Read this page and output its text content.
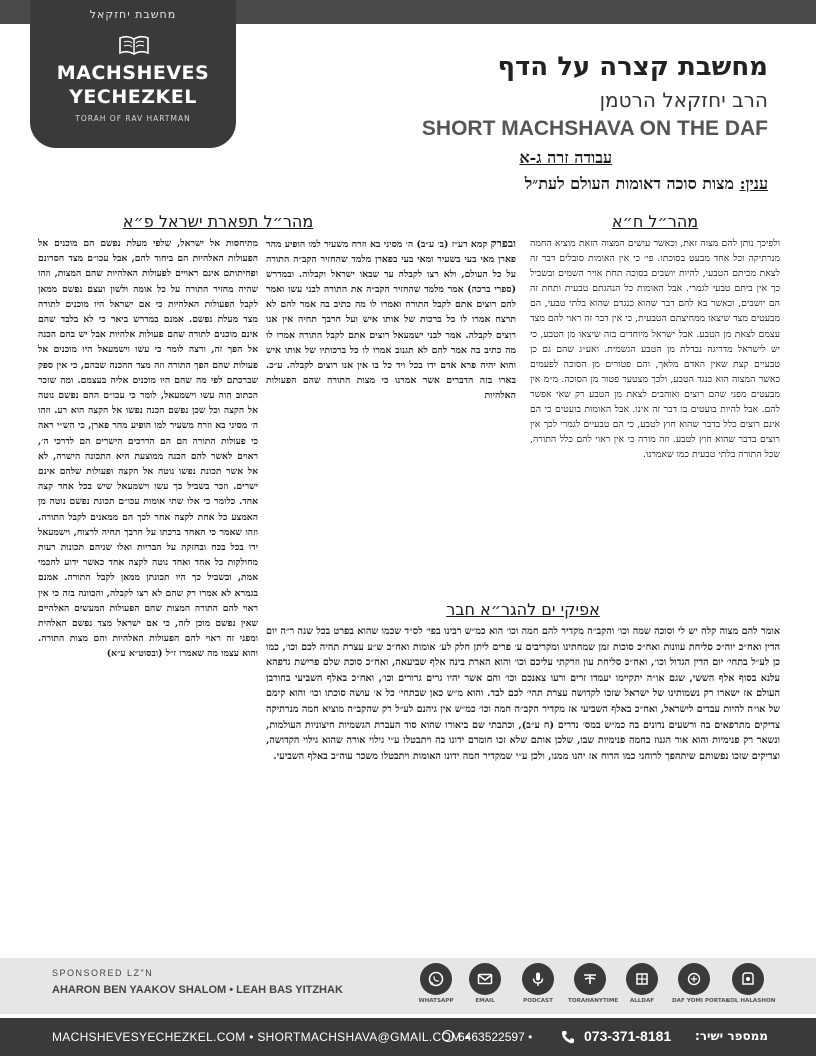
מחשבת יחזקאל
MACHSHEVES
YECHEZKEL
TORAH OF RAV HARTMAN
מחשבת קצרה על הדף
הרב יחזקאל הרטמן
SHORT MACHSHAVA ON THE DAF
עבודה זרה ג-א
ענין: מצות סוכה דאומות העולם לעת״ל
מהר״ל ח״א
מהר״ל תפארת ישראל פ״א
אפיקי ים להגר״א חבר
ולפיכך נותן להם מצוה זאת, וכאשר עושים המצוה הזאת מוציא החמה מנרתיקה וכל אחד מבעט בסוכתו. פי׳ כי אין האומות סובלים דבר זה לצאת מכיתם הטבעי, להיות יושבים בסוכה תחת אויר השמים ובשביל כך אין ביתם טבעי לגמרי. אבל האומות כל הנהגתם טבעית ותחת זה הם יושבים, וכאשר בא להם דבר שהוא כנגדם שהוא בלתי טבעי, הם מבעטים מצד שיצאו ממחיצתם הטבעית, כי אין דבר זה ראוי להם מצד עצמם לצאת מן הטבע. אבל ישראל מיוחדים בזה שיצאו מן הטבע, כי יש לישראל מדריגה נבדלת מן הטבע הגשמית. ואע״ג שהם גם כן טבעיים קצת שאין האדם מלאך, והם פטורים מן הסוכה לפעמים כאשר המצוה הוא כנגד הטבע, ולכך מצטער פטור מן הסוכה. מ״מ אין מבעטים מפני שהם רוצים ואוהבים לצאת מן הטבע רק שאי אפשר להם. אבל להיות בועטים בו דבר זה אינו. אבל האומות בועטים כי הם אינם רוצים כלל בדבר שהוא חוץ לטבע, כי הם טבעיים לגמרי לכך אין רוצים בדבר שהוא חוץ לטבע. וזה מורה כי אין ראוי להם כלל התורה, שכל התורה בלתי טבעית כמו שאמרנו.
ובפרק קמא דע״ז (ב׳ ע״ב) ה׳ מסיני בא וזרח משעיר למו הופיע מהר פארן מאי בעי בשעיר ומאי בעי בפארן מלמד שהחזיר הקב״ה התורה על כל העולם, ולא רצו לקבלה עד שבאו ישראל וקבלוה. ובמדרש (ספרי ברכה) אמר מלמד שהחזיר הקב״ה את התורה לבני עשו ואמר להם רוצים אתם לקבל התורה ואמרו לו מה כתיב בה אמר להם לא תרצח אמרו לו כל ברכות של אותו איש ועל חרבך תחיה אין אנו רוצים לקבלה. אמר לבני ישמעאל רוצים אתם לקבל התורה אמרו לו מה כתיב בה אמר להם לא תגנוב אמרו לו כל ברכותיו של אותו איש והוא יהיה פרא אדם ידו בכל ויד כל בו אין אנו רוצים לקבלה. ע״כ. בארו בזה הדברים אשר אמרנו כי מצות התורה שהם הפעולות האלהיות
מתיחסות אל ישראל, שלפי מעלת נפשם הם מוכנים אל הפעולות האלהיות הם ביחוד להם, אבל עכו״ם מצד חסרונם ופחיתותם אינם ראויים לפעולות האלהיות שהם המצות, וזהו שהיה מחזיר התורה על כל אומה ולשון ועצם נפשם ממאן לקבל הפעולות האלהיות כי אם ישראל היו מוכנים לתורה מצד מעלת נפשם. אמנם במדרש ביאר כי לא בלבד שהם אינם מוכנים לתורה שהם פעולות אלהיות אבל יש בהם הכנה אל הפך זה, ורצה לומר כי עשו וישמעאל היו מוכנים אל פעולות שהם הפך התורה וזה מצד ההכנה שבהם, כי אין ספק שברכתם לפי מה שהם היו מוכנים אליה בעצמם. ומה שזכר הכתוב הוה עשו וישמעאל, לומר כי עכו״ם ההם נפשם נוטה אל הקצה וכל שכן נפשם הכנה נפשו אל הקצה הוא רע. וזהו ה׳ מסיני בא וזרח משעיר למו הופיע מהר פארן, כי הש״י ראה כי פעולות התורה הם הם הדרכים הישרים הם לדרכי ה׳, ראוים לאשר להם הכנה ממוצעת היא התכונה הישרה, לא אל אשר תכונת נפשו נוטה אל הקצה ופעולות שלהם אינם ישרים. וזכר בשביל כך עשו וישמעאל שיש בכל אחד קצה אחד. כלומר כי אלו שתי אומות עכו״ם תכונת נפשם נוטה מן האמצע כל אחת לקצה אחר לכך הם ממאנים לקבל התורה. וזהו שאמר כי האחד ברכתו על חרבך תחיה לרצוח, וישמעאל ידו בכל בכח ובחזקה על הבריות ואלו שניהם תכונות רעות מחולקות כל אחד ואחד נוטה לקצה אחד כאשר ידוע לחכמי אמת, ובשביל כך היו תכונתן ממאן לקבל התורה. אמנם בגמרא לא אמרו רק שהם לא רצו לקבלה, והכוונה בזה כי אין ראוי להם התורה המצות שהם הפעולות המעשים האלהיים שאין נפשם מוכן לזה, כי אם ישראל מצד נפשם האלהית ומפני זה ראוי להם הפעולות האלהיות והם מצות התורה. והוא עצמו מה שאמרו ז״ל (ובסוט״א ע״א)
אומר להם מצוה קלה יש לי וסוכה שמה וכו׳ והקב״ה מקדיר להם חמה וכו׳ הוא כמ״ש רבינו בפי׳ לס״ד שכמו שהוא בפרט בכל שנה ר״ה יום הדין ואח״כ יוה״כ סליחת עוונות ואח״כ סוכות זמן שמחתינו ומקריבים ע׳ פרים ליתן חלק לע׳ אומות ואח״כ ש״ע עצרת תהיה לכם וכו׳, כמו כן לע״ל בתחי׳ יום הדין הגדול וכו׳, ואח״כ סליחת עון וזרקתי עליכם וכו׳ והוא הארת בינה אלף שביעאה, ואח״כ סוכת שלם פרישת גדפהא עלנא בסוף אלף הששי, שגם או״ה יתקיימו יעמדו זרים ורעו צאנכם וכו׳ והם אשר יהיו גרים גרורים וכו׳, ואח״כ באלף השביעי בחורבן העולם אז ישארו רק נשמותינו של ישראל שזכו לקדושה עצרת תהי׳ לכם לבד. והוא מ״ש כאן שבתחי׳ כל א׳ עושה סוכתו וכו׳ והוא קימם של או״ה להיות עבדים לישראל, ואח״כ באלף השביעי אז מקדיר הקב״ה חמה וכו׳ כמ״ש אין גיהנם לע״ל רק שהקב״ה מוציא חמה מנרתיקה צדיקים מתרפאים בה ורשעים נדונים בה כמ״ש במס׳ נדרים (ח ע״ב), וכתבתי שם ביאורו שהוא סוד העברת הגשמיות חיצוניות העולמות, ונשאר רק פנימיות והוא אור הגנוז בחמה פנימיות שבו, שלכן אותם שלא זכו חומרם ידונו בה ויתבטלו ע״י גילוי אורה שהוא גילוי הקדושה, וצדיקים שזכו נפשותם שיתהפך לרוחני כמו הרוח אז יהנו ממנו, ולכן ע״י שמקדיר חמה ידונו האומות ויתבטלו משכר עוה״ב באלף השביעי.
SPONSORED LZ"N
AHARON BEN YAAKOV SHALOM • LEAH BAS YITZHAK
WHATSAPP	EMAIL	PODCAST	TORAHANYTIME	ALLDAF	DAF YOMI PORTAL
KOL HALASHON
MACHSHEVESYECHEZKEL.COM • SHORTMACHSHAVA@GMAIL.COM •
6463522597 •	073-371-8181 ממספר ישיר:
